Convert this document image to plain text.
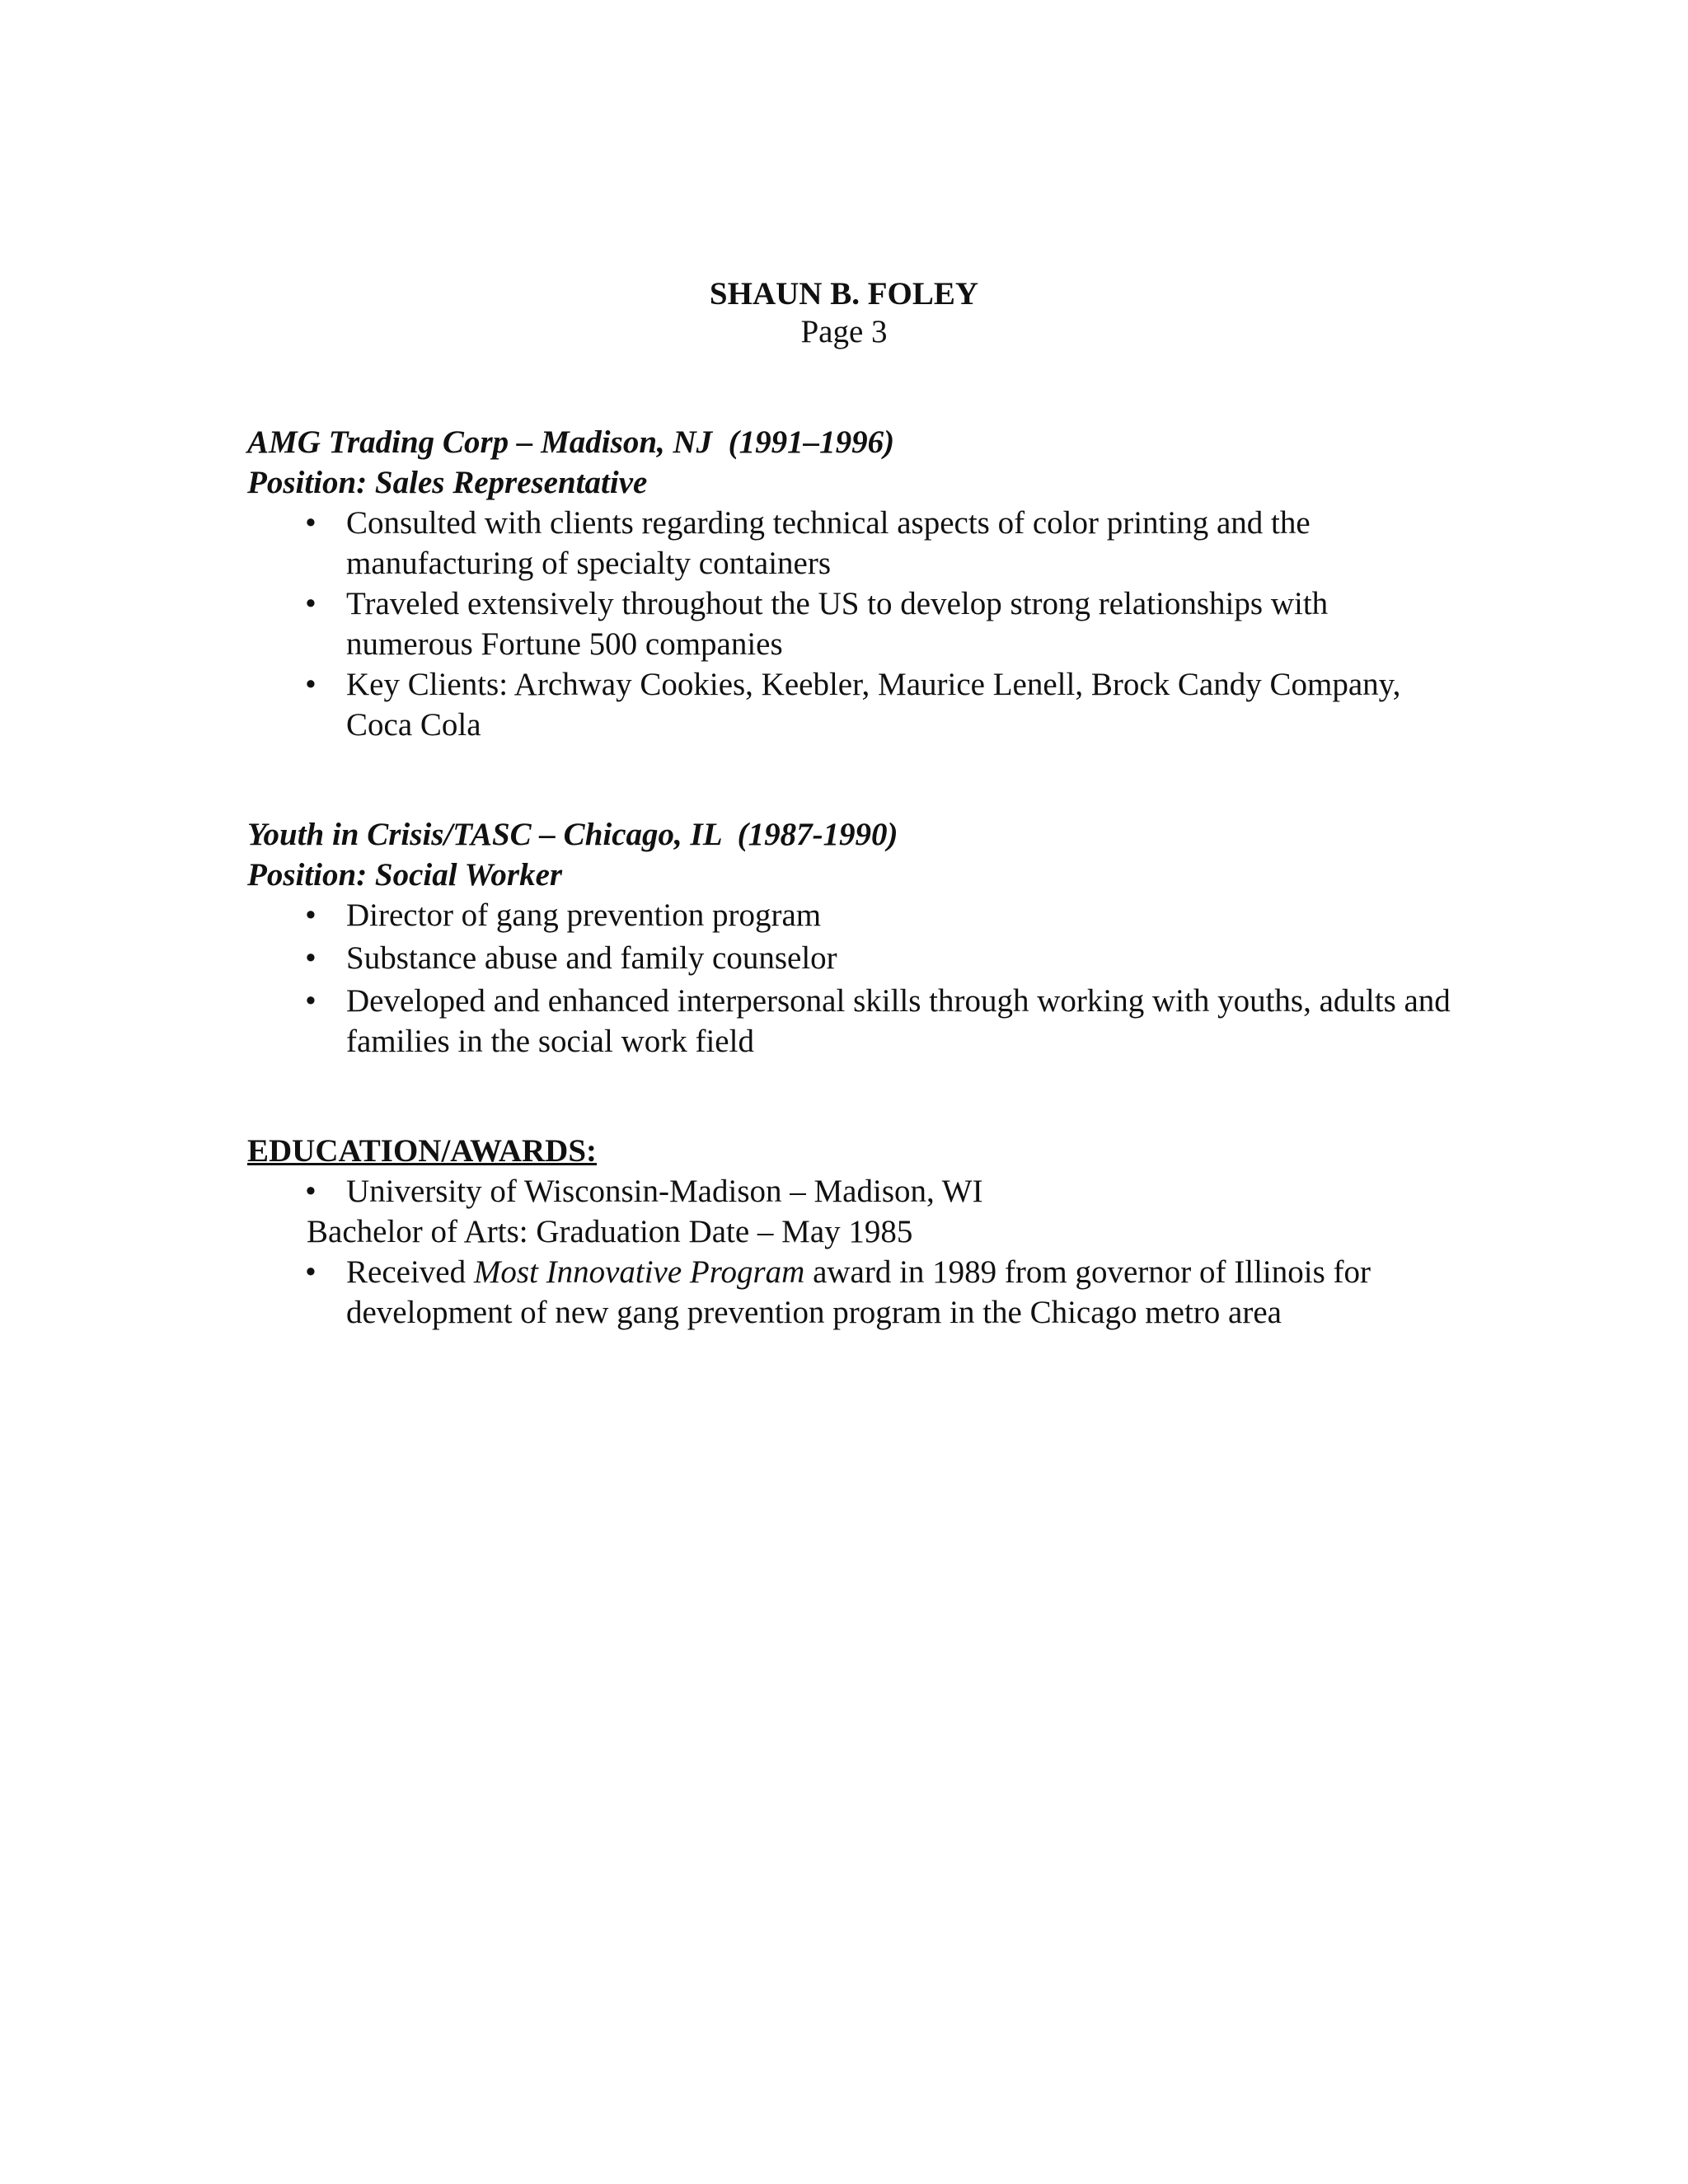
SHAUN B. FOLEY
Page 3
AMG Trading Corp – Madison, NJ  (1991–1996)
Position: Sales Representative
• Consulted with clients regarding technical aspects of color printing and the manufacturing of specialty containers
• Traveled extensively throughout the US to develop strong relationships with numerous Fortune 500 companies
• Key Clients: Archway Cookies, Keebler, Maurice Lenell, Brock Candy Company, Coca Cola
Youth in Crisis/TASC – Chicago, IL  (1987-1990)
Position: Social Worker
• Director of gang prevention program
• Substance abuse and family counselor
• Developed and enhanced interpersonal skills through working with youths, adults and families in the social work field
EDUCATION/AWARDS:
• University of Wisconsin-Madison – Madison, WI
Bachelor of Arts: Graduation Date – May 1985
• Received Most Innovative Program award in 1989 from governor of Illinois for development of new gang prevention program in the Chicago metro area
